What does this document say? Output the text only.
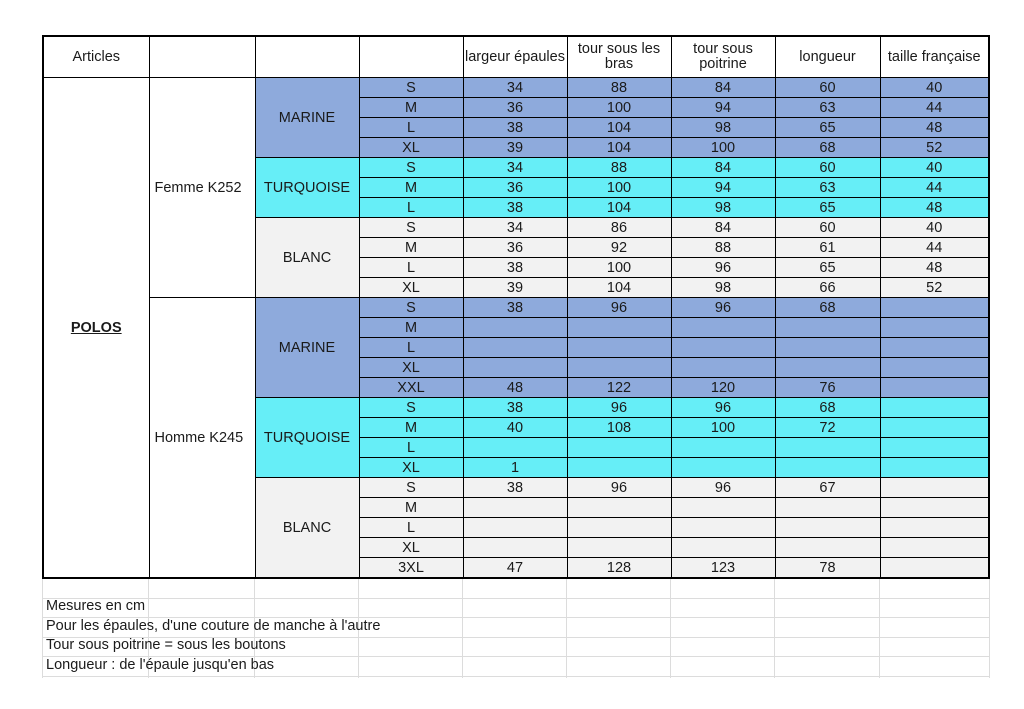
Articles				largeur épaules	tour sous les bras	tour sous poitrine	longueur	taille française
POLOS	Femme K252	MARINE	S	34	88	84	60	40
			M	36	100	94	63	44
			L	38	104	98	65	48
			XL	39	104	100	68	52
		TURQUOISE	S	34	88	84	60	40
			M	36	100	94	63	44
			L	38	104	98	65	48
		BLANC	S	34	86	84	60	40
			M	36	92	88	61	44
			L	38	100	96	65	48
			XL	39	104	98	66	52
	Homme K245	MARINE	S	38	96	96	68	
			M					
			L					
			XL					
			XXL	48	122	120	76	
		TURQUOISE	S	38	96	96	68	
			M	40	108	100	72	
			L					
			XL	1				
		BLANC	S	38	96	96	67	
			M					
			L					
			XL					
			3XL	47	128	123	78	
Mesures en cm
Pour les épaules, d'une couture de manche à l'autre
Tour sous poitrine = sous les boutons
Longueur : de l'épaule jusqu'en bas
